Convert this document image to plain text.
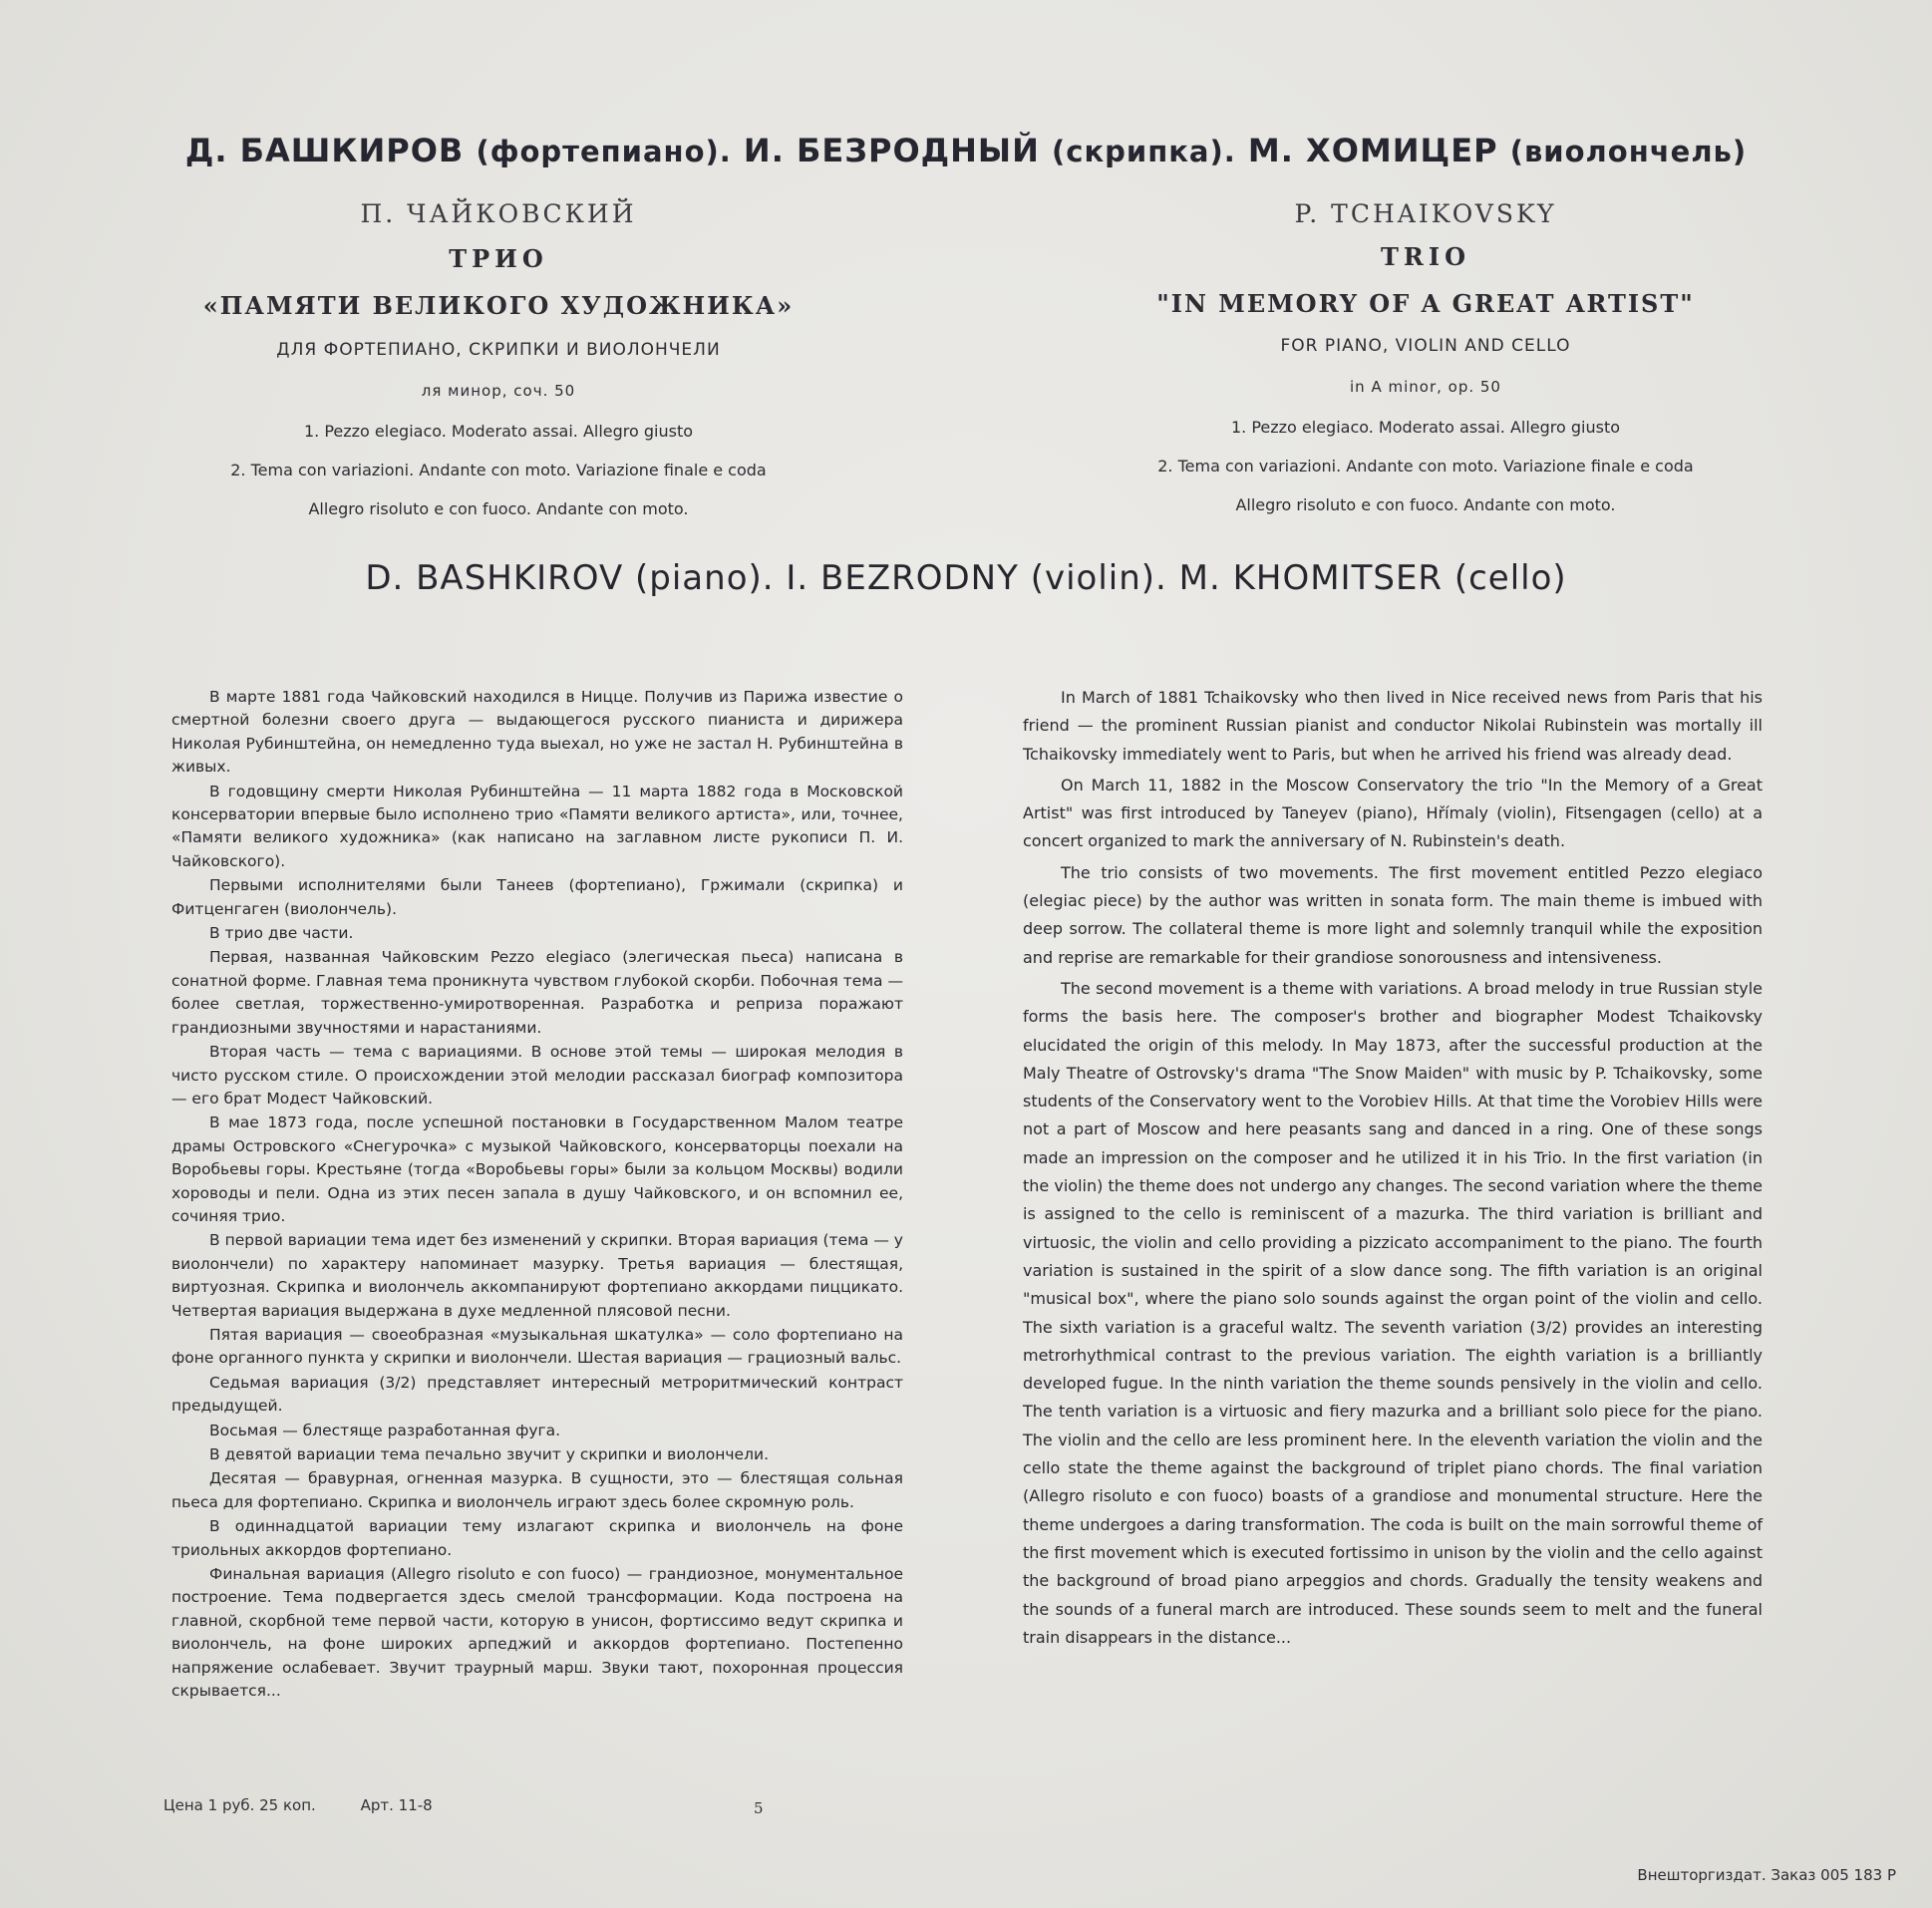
Д. БАШКИРОВ (фортепиано). И. БЕЗРОДНЫЙ (скрипка). М. ХОМИЦЕР (виолончель)
П. ЧАЙКОВСКИЙ
ТРИО
«ПАМЯТИ ВЕЛИКОГО ХУДОЖНИКА»
ДЛЯ ФОРТЕПИАНО, СКРИПКИ И ВИОЛОНЧЕЛИ
ля минор, соч. 50
1. Pezzo elegiaco. Moderato assai. Allegro giusto
2. Tema con variazioni. Andante con moto. Variazione finale e coda
Allegro risoluto e con fuoco. Andante con moto.
P. TCHAIKOVSKY
TRIO
"IN MEMORY OF A GREAT ARTIST"
FOR PIANO, VIOLIN AND CELLO
in A minor, op. 50
1. Pezzo elegiaco. Moderato assai. Allegro giusto
2. Tema con variazioni. Andante con moto. Variazione finale e coda
Allegro risoluto e con fuoco. Andante con moto.
D. BASHKIROV (piano). I. BEZRODNY (violin). M. KHOMITSER (cello)

В марте 1881 года Чайковский находился в Ницце. Получив из Парижа известие о смертной болезни своего друга — выдающегося русского пианиста и дирижера Николая Рубинштейна, он немедленно туда выехал, но уже не застал Н. Рубинштейна в живых.

В годовщину смерти Николая Рубинштейна — 11 марта 1882 года в Московской консерватории впервые было исполнено трио «Памяти великого артиста», или, точнее, «Памяти великого художника» (как написано на заглавном листе рукописи П. И. Чайковского).

Первыми исполнителями были Танеев (фортепиано), Гржимали (скрипка) и Фитценгаген (виолончель).

В трио две части.

Первая, названная Чайковским Pezzo elegiaco (элегическая пьеса) написана в сонатной форме. Главная тема проникнута чувством глубокой скорби. Побочная тема — более светлая, торжественно-умиротворенная. Разработка и реприза поражают грандиозными звучностями и нарастаниями.

Вторая часть — тема с вариациями. В основе этой темы — широкая мелодия в чисто русском стиле. О происхождении этой мелодии рассказал биограф композитора — его брат Модест Чайковский.

В мае 1873 года, после успешной постановки в Государственном Малом театре драмы Островского «Снегурочка» с музыкой Чайковского, консерваторцы поехали на Воробьевы горы. Крестьяне (тогда «Воробьевы горы» были за кольцом Москвы) водили хороводы и пели. Одна из этих песен запала в душу Чайковского, и он вспомнил ее, сочиняя трио.

В первой вариации тема идет без изменений у скрипки. Вторая вариация (тема — у виолончели) по характеру напоминает мазурку. Третья вариация — блестящая, виртуозная. Скрипка и виолончель аккомпанируют фортепиано аккордами пиццикато. Четвертая вариация выдержана в духе медленной плясовой песни.

Пятая вариация — своеобразная «музыкальная шкатулка» — соло фортепиано на фоне органного пункта у скрипки и виолончели. Шестая вариация — грациозный вальс.

Седьмая вариация (3/2) представляет интересный метроритмический контраст предыдущей.

Восьмая — блестяще разработанная фуга.

В девятой вариации тема печально звучит у скрипки и виолончели.

Десятая — бравурная, огненная мазурка. В сущности, это — блестящая сольная пьеса для фортепиано. Скрипка и виолончель играют здесь более скромную роль.

В одиннадцатой вариации тему излагают скрипка и виолончель на фоне триольных аккордов фортепиано.

Финальная вариация (Allegro risoluto e con fuoco) — грандиозное, монументальное построение. Тема подвергается здесь смелой трансформации. Кода построена на главной, скорбной теме первой части, которую в унисон, фортиссимо ведут скрипка и виолончель, на фоне широких арпеджий и аккордов фортепиано. Постепенно напряжение ослабевает. Звучит траурный марш. Звуки тают, похоронная процессия скрывается...

In March of 1881 Tchaikovsky who then lived in Nice received news from Paris that his friend — the prominent Russian pianist and conductor Nikolai Rubinstein was mortally ill Tchaikovsky immediately went to Paris, but when he arrived his friend was already dead.

On March 11, 1882 in the Moscow Conservatory the trio "In the Memory of a Great Artist" was first introduced by Taneyev (piano), Hřímaly (violin), Fitsengagen (cello) at a concert organized to mark the anniversary of N. Rubinstein's death.

The trio consists of two movements. The first movement entitled Pezzo elegiaco (elegiac piece) by the author was written in sonata form. The main theme is imbued with deep sorrow. The collateral theme is more light and solemnly tranquil while the exposition and reprise are remarkable for their grandiose sonorousness and intensiveness.

The second movement is a theme with variations. A broad melody in true Russian style forms the basis here. The composer's brother and biographer Modest Tchaikovsky elucidated the origin of this melody. In May 1873, after the successful production at the Maly Theatre of Ostrovsky's drama "The Snow Maiden" with music by P. Tchaikovsky, some students of the Conservatory went to the Vorobiev Hills. At that time the Vorobiev Hills were not a part of Moscow and here peasants sang and danced in a ring. One of these songs made an impression on the composer and he utilized it in his Trio. In the first variation (in the violin) the theme does not undergo any changes. The second variation where the theme is assigned to the cello is reminiscent of a mazurka. The third variation is brilliant and virtuosic, the violin and cello providing a pizzicato accompaniment to the piano. The fourth variation is sustained in the spirit of a slow dance song. The fifth variation is an original "musical box", where the piano solo sounds against the organ point of the violin and cello. The sixth variation is a graceful waltz. The seventh variation (3/2) provides an interesting metrorhythmical contrast to the previous variation. The eighth variation is a brilliantly developed fugue. In the ninth variation the theme sounds pensively in the violin and cello. The tenth variation is a virtuosic and fiery mazurka and a brilliant solo piece for the piano. The violin and the cello are less prominent here. In the eleventh variation the violin and the cello state the theme against the background of triplet piano chords. The final variation (Allegro risoluto e con fuoco) boasts of a grandiose and monumental structure. Here the theme undergoes a daring transformation. The coda is built on the main sorrowful theme of the first movement which is executed fortissimo in unison by the violin and the cello against the background of broad piano arpeggios and chords. Gradually the tensity weakens and the sounds of a funeral march are introduced. These sounds seem to melt and the funeral train disappears in the distance...

Цена 1 руб. 25 коп.	Арт. 11-8	5
Внешторгиздат. Заказ 005 183 Р
